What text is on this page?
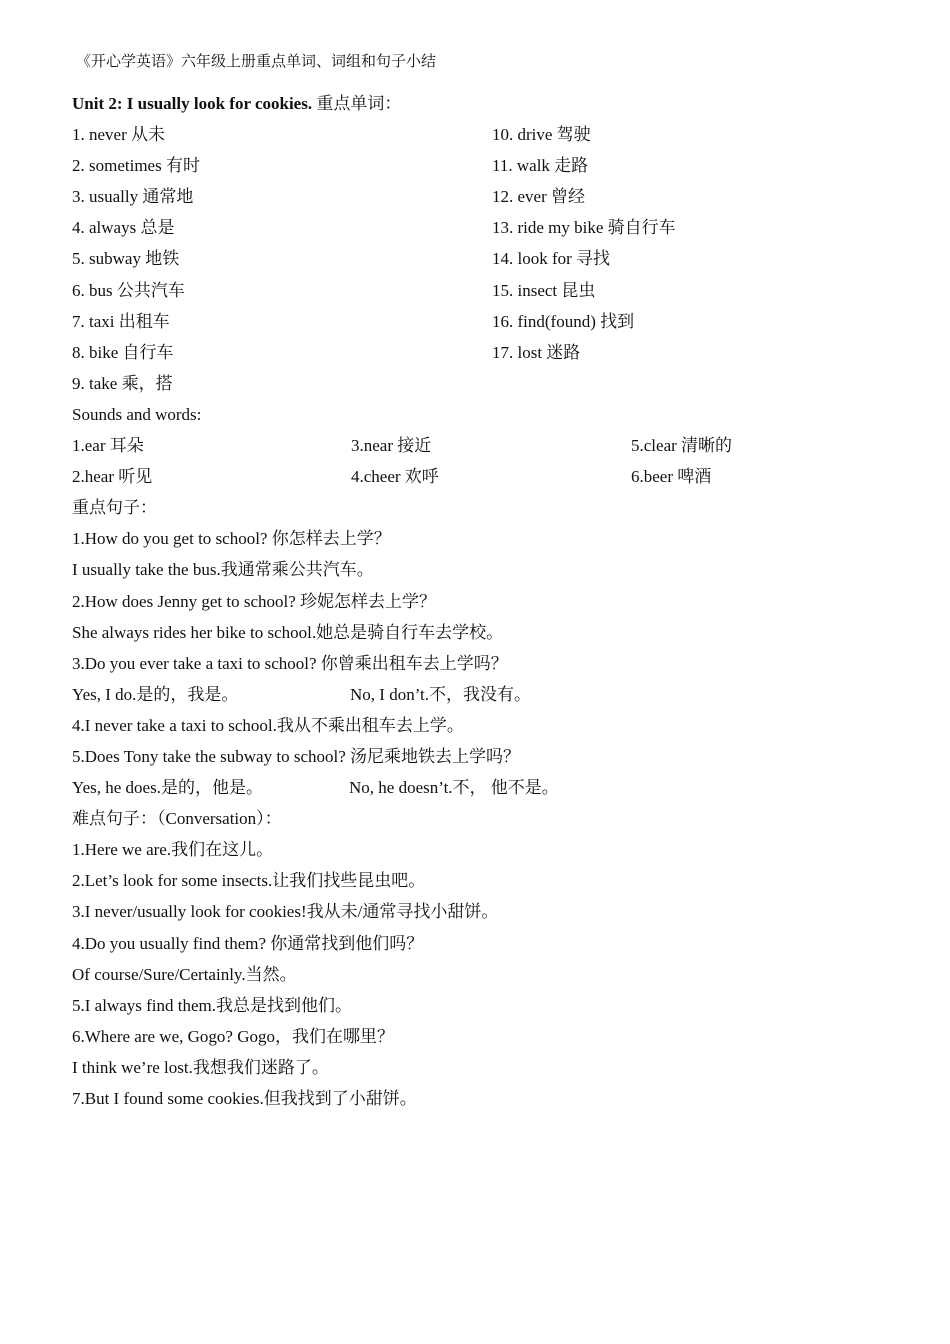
《开心学英语》六年级上册重点单词、词组和句子小结
Unit 2: I usually look for cookies. 重点单词：
1. never 从未	10. drive 驾驶
2. sometimes 有时	11. walk 走路
3. usually 通常地	12. ever 曾经
4. always 总是	13. ride my bike 骑自行车
5. subway 地铁	14. look for 寻找
6. bus 公共汽车	15. insect 昆虫
7. taxi 出租车	16. find(found) 找到
8. bike 自行车	17. lost 迷路
9. take 乘，搭
Sounds and words:
1.ear 耳朵	3.near 接近	5.clear 清晰的
2.hear 听见	4.cheer 欢呼	6.beer 啤酒
重点句子：
1.How do you get to school? 你怎样去上学？
I usually take the bus.我通常乘公共汽车。
2.How does Jenny get to school? 珍妮怎样去上学？
She always rides her bike to school.她总是骑自行车去学校。
3.Do you ever take a taxi to school? 你曾乘出租车去上学吗？
Yes, I do.是的，我是。	No, I don’t.不，我没有。
4.I never take a taxi to school.我从不乘出租车去上学。
5.Does Tony take the subway to school? 汤尼乘地铁去上学吗？
Yes, he does.是的，他是。	No, he doesn’t.不， 他不是。
难点句子：（Conversation）：
1.Here we are.我们在这儿。
2.Let’s look for some insects.让我们找些昆虫吧。
3.I never/usually look for cookies!我从未/通常寻找小甜饼。
4.Do you usually find them? 你通常找到他们吗？
Of course/Sure/Certainly.当然。
5.I always find them.我总是找到他们。
6.Where are we, Gogo? Gogo，我们在哪里？
I think we’re lost.我想我们迷路了。
7.But I found some cookies.但我找到了小甜饼。
